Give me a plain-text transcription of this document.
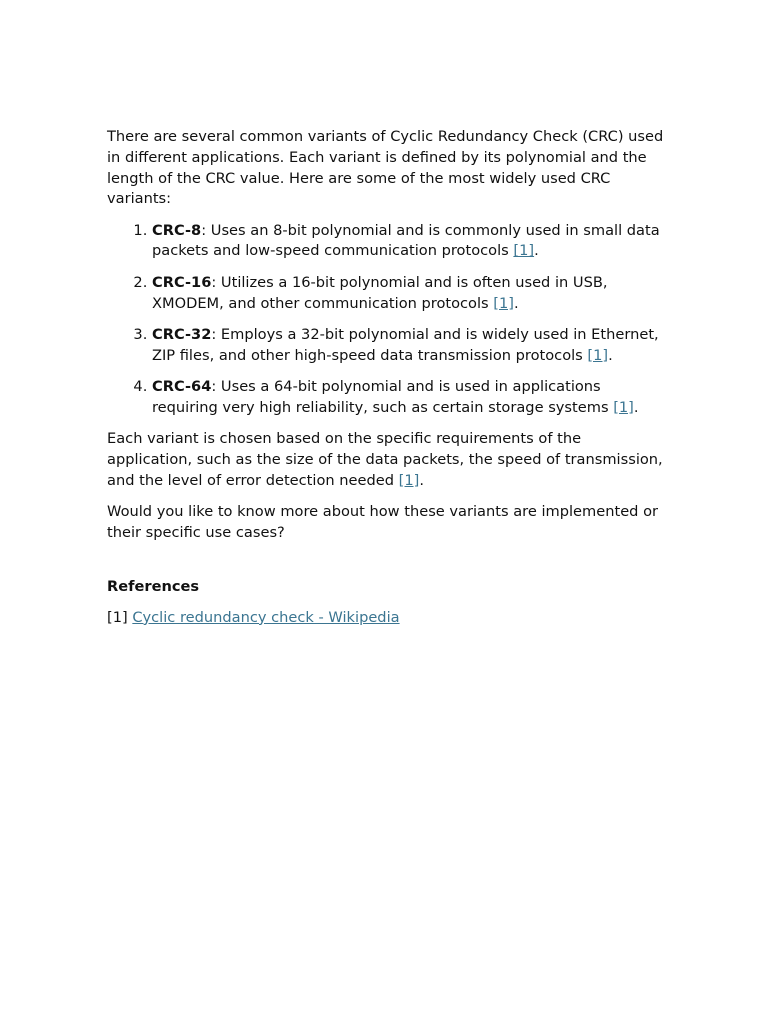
There are several common variants of Cyclic Redundancy Check (CRC) used in different applications. Each variant is defined by its polynomial and the length of the CRC value. Here are some of the most widely used CRC variants:

1. CRC-8: Uses an 8-bit polynomial and is commonly used in small data packets and low-speed communication protocols [1].
2. CRC-16: Utilizes a 16-bit polynomial and is often used in USB, XMODEM, and other communication protocols [1].
3. CRC-32: Employs a 32-bit polynomial and is widely used in Ethernet, ZIP files, and other high-speed data transmission protocols [1].
4. CRC-64: Uses a 64-bit polynomial and is used in applications requiring very high reliability, such as certain storage systems [1].

Each variant is chosen based on the specific requirements of the application, such as the size of the data packets, the speed of transmission, and the level of error detection needed [1].

Would you like to know more about how these variants are implemented or their specific use cases?

References

[1] Cyclic redundancy check - Wikipedia
